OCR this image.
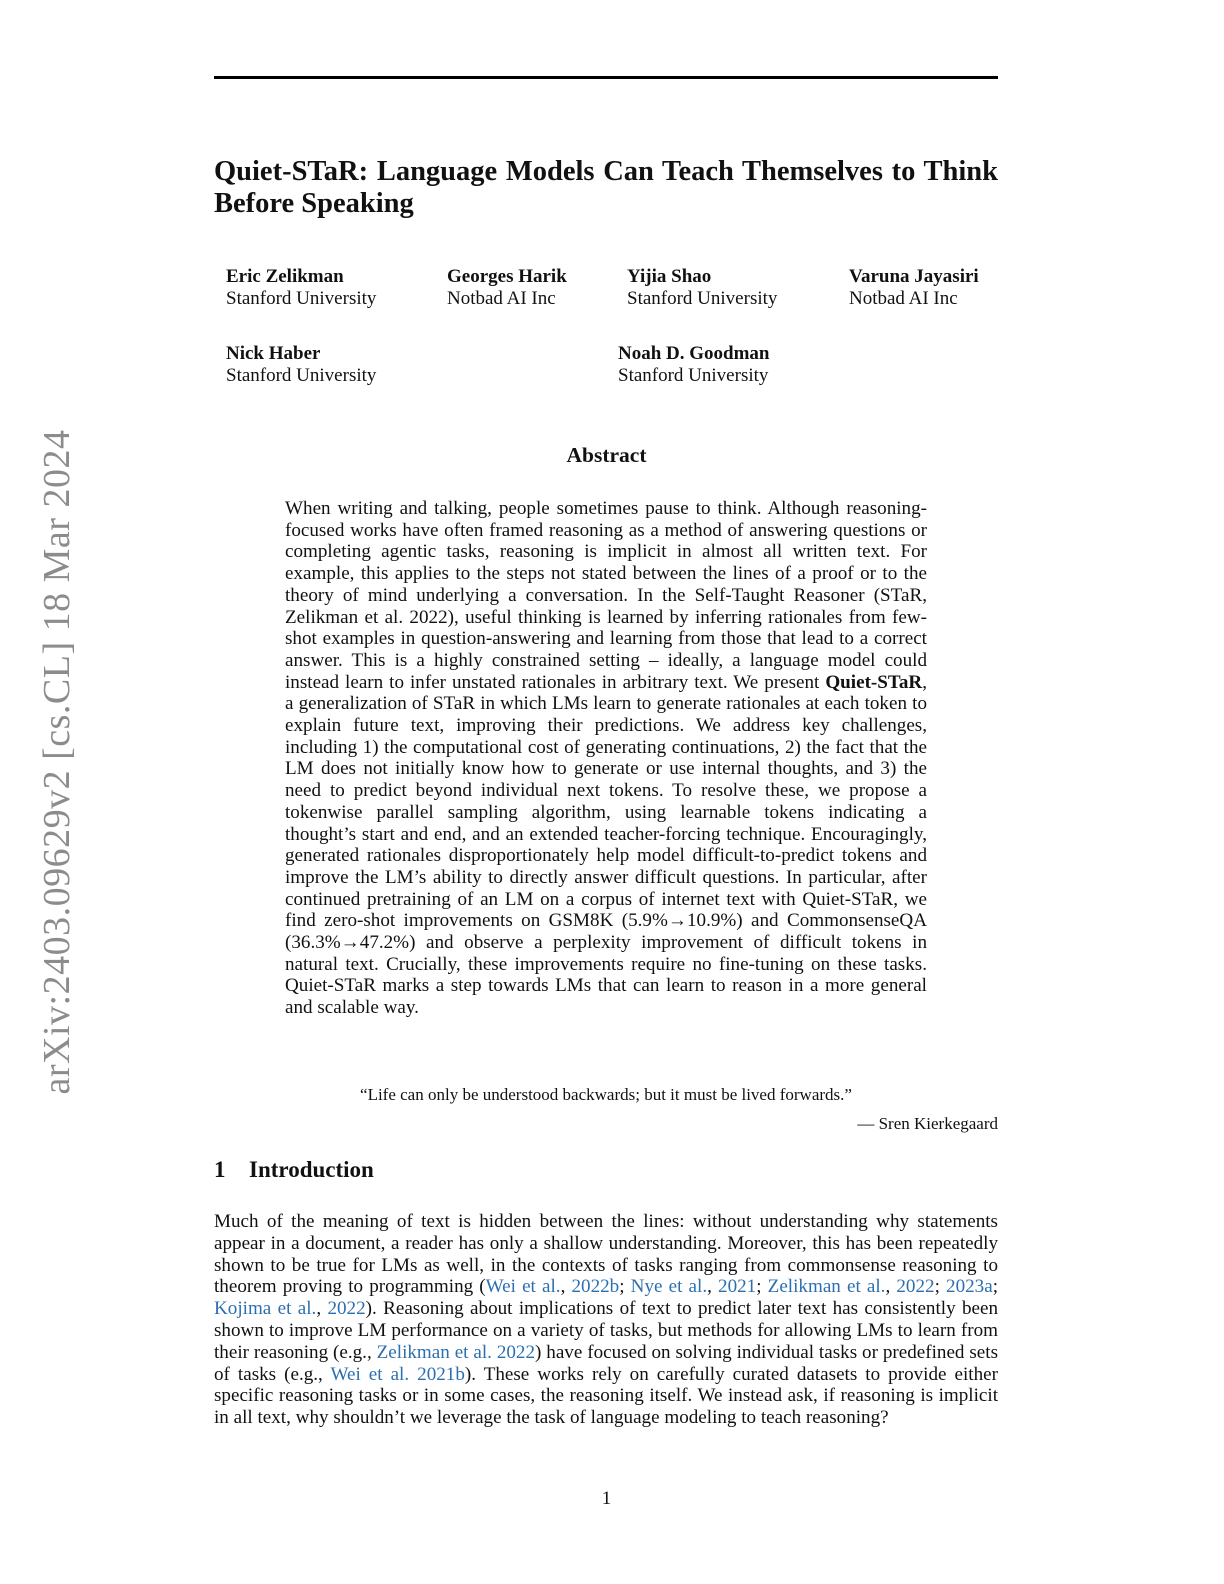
arXiv:2403.09629v2 [cs.CL] 18 Mar 2024
Quiet-STaR: Language Models Can Teach Themselves to Think Before Speaking
Eric Zelikman
Stanford University
Georges Harik
Notbad AI Inc
Yijia Shao
Stanford University
Varuna Jayasiri
Notbad AI Inc
Nick Haber
Stanford University
Noah D. Goodman
Stanford University
Abstract

When writing and talking, people sometimes pause to think. Although reasoning-focused works have often framed reasoning as a method of answering questions or completing agentic tasks, reasoning is implicit in almost all written text. For example, this applies to the steps not stated between the lines of a proof or to the theory of mind underlying a conversation. In the Self-Taught Reasoner (STaR, Zelikman et al. 2022), useful thinking is learned by inferring rationales from few-shot examples in question-answering and learning from those that lead to a correct answer. This is a highly constrained setting – ideally, a language model could instead learn to infer unstated rationales in arbitrary text. We present Quiet-STaR, a generalization of STaR in which LMs learn to generate rationales at each token to explain future text, improving their predictions. We address key challenges, including 1) the computational cost of generating continuations, 2) the fact that the LM does not initially know how to generate or use internal thoughts, and 3) the need to predict beyond individual next tokens. To resolve these, we propose a tokenwise parallel sampling algorithm, using learnable tokens indicating a thought’s start and end, and an extended teacher-forcing technique. Encouragingly, generated rationales disproportionately help model difficult-to-predict tokens and improve the LM’s ability to directly answer difficult questions. In particular, after continued pretraining of an LM on a corpus of internet text with Quiet-STaR, we find zero-shot improvements on GSM8K (5.9%→10.9%) and CommonsenseQA (36.3%→47.2%) and observe a perplexity improvement of difficult tokens in natural text. Crucially, these improvements require no fine-tuning on these tasks. Quiet-STaR marks a step towards LMs that can learn to reason in a more general and scalable way.

“Life can only be understood backwards; but it must be lived forwards.”

— Sren Kierkegaard

1 Introduction

Much of the meaning of text is hidden between the lines: without understanding why statements appear in a document, a reader has only a shallow understanding. Moreover, this has been repeatedly shown to be true for LMs as well, in the contexts of tasks ranging from commonsense reasoning to theorem proving to programming (Wei et al., 2022b; Nye et al., 2021; Zelikman et al., 2022; 2023a; Kojima et al., 2022). Reasoning about implications of text to predict later text has consistently been shown to improve LM performance on a variety of tasks, but methods for allowing LMs to learn from their reasoning (e.g., Zelikman et al. 2022) have focused on solving individual tasks or predefined sets of tasks (e.g., Wei et al. 2021b). These works rely on carefully curated datasets to provide either specific reasoning tasks or in some cases, the reasoning itself. We instead ask, if reasoning is implicit in all text, why shouldn’t we leverage the task of language modeling to teach reasoning?

1
